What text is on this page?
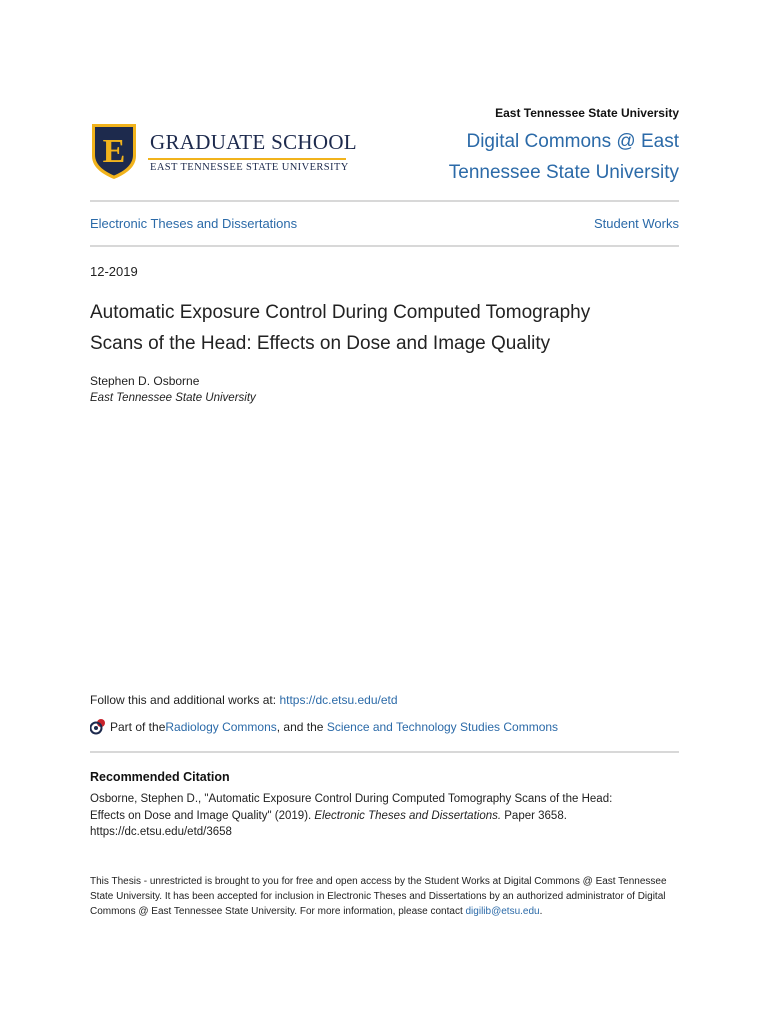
E GRADUATE SCHOOL
EAST TENNESSEE STATE UNIVERSITY
East Tennessee State University
Digital Commons @ East
Tennessee State University
Electronic Theses and Dissertations	Student Works
12-2019
Automatic Exposure Control During Computed Tomography
Scans of the Head: Effects on Dose and Image Quality
Stephen D. Osborne
East Tennessee State University
Follow this and additional works at: https://dc.etsu.edu/etd
Part of the Radiology Commons , and the Science and Technology Studies Commons
Recommended Citation
Osborne, Stephen D., "Automatic Exposure Control During Computed Tomography Scans of the Head:
Effects on Dose and Image Quality" (2019). Electronic Theses and Dissertations. Paper 3658.
https://dc.etsu.edu/etd/3658
This Thesis - unrestricted is brought to you for free and open access by the Student Works at Digital Commons @ East Tennessee State University. It has been accepted for inclusion in Electronic Theses and Dissertations by an authorized administrator of Digital Commons @ East Tennessee State University. For more information, please contact digilib@etsu.edu.
